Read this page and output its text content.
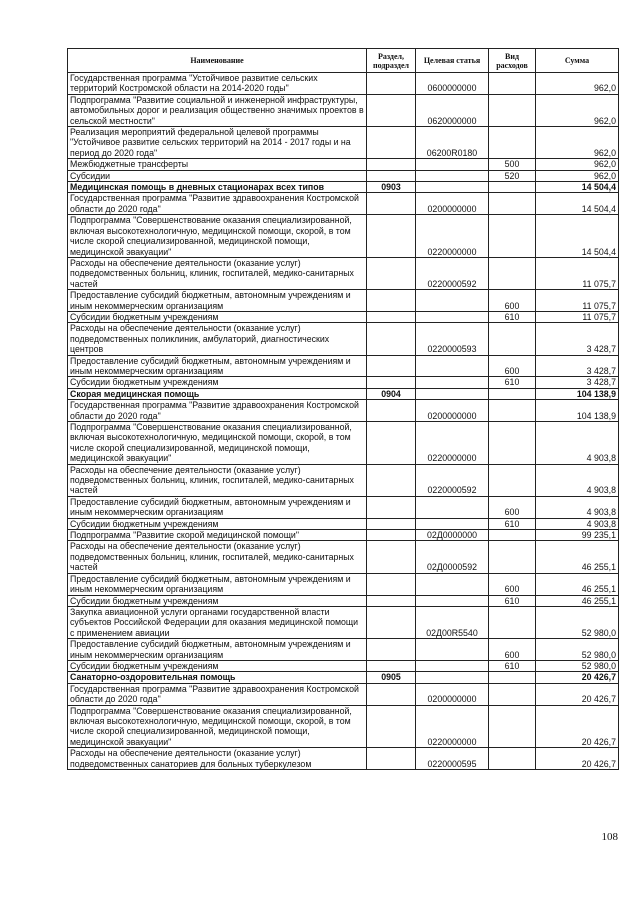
Наименование	Раздел, подраздел	Целевая статья	Вид расходов	Сумма
Государственная программа "Устойчивое развитие сельских территорий Костромской области на 2014-2020 годы"		0600000000		962,0
Подпрограмма "Развитие социальной и инженерной инфраструктуры, автомобильных дорог и реализация общественно значимых проектов в сельской местности"		0620000000		962,0
Реализация мероприятий федеральной целевой программы "Устойчивое развитие сельских территорий на 2014 - 2017 годы и на период до 2020 года"		06200R0180		962,0
Межбюджетные трансферты			500	962,0
Субсидии			520	962,0
Медицинская помощь в дневных стационарах всех типов	0903			14 504,4
Государственная программа "Развитие здравоохранения Костромской области до 2020 года"		0200000000		14 504,4
Подпрограмма "Совершенствование оказания специализированной, включая высокотехнологичную, медицинской помощи, скорой, в том числе скорой специализированной, медицинской помощи, медицинской эвакуации"		0220000000		14 504,4
Расходы на обеспечение деятельности (оказание услуг) подведомственных больниц, клиник, госпиталей, медико-санитарных частей		0220000592		11 075,7
Предоставление субсидий бюджетным, автономным учреждениям и иным некоммерческим организациям			600	11 075,7
Субсидии бюджетным учреждениям			610	11 075,7
Расходы на обеспечение деятельности (оказание услуг) подведомственных поликлиник, амбулаторий, диагностических центров		0220000593		3 428,7
Предоставление субсидий бюджетным, автономным учреждениям и иным некоммерческим организациям			600	3 428,7
Субсидии бюджетным учреждениям			610	3 428,7
Скорая медицинская помощь	0904			104 138,9
Государственная программа "Развитие здравоохранения Костромской области до 2020 года"		0200000000		104 138,9
Подпрограмма "Совершенствование оказания специализированной, включая высокотехнологичную, медицинской помощи, скорой, в том числе скорой специализированной, медицинской помощи, медицинской эвакуации"		0220000000		4 903,8
Расходы на обеспечение деятельности (оказание услуг) подведомственных больниц, клиник, госпиталей, медико-санитарных частей		0220000592		4 903,8
Предоставление субсидий бюджетным, автономным учреждениям и иным некоммерческим организациям			600	4 903,8
Субсидии бюджетным учреждениям			610	4 903,8
Подпрограмма "Развитие скорой медицинской помощи"		02Д0000000		99 235,1
Расходы на обеспечение деятельности (оказание услуг) подведомственных больниц, клиник, госпиталей, медико-санитарных частей		02Д0000592		46 255,1
Предоставление субсидий бюджетным, автономным учреждениям и иным некоммерческим организациям			600	46 255,1
Субсидии бюджетным учреждениям			610	46 255,1
Закупка авиационной услуги органами государственной власти субъектов Российской Федерации для оказания медицинской помощи с применением авиации		02Д00R5540		52 980,0
Предоставление субсидий бюджетным, автономным учреждениям и иным некоммерческим организациям			600	52 980,0
Субсидии бюджетным учреждениям			610	52 980,0
Санаторно-оздоровительная помощь	0905			20 426,7
Государственная программа "Развитие здравоохранения Костромской области до 2020 года"		0200000000		20 426,7
Подпрограмма "Совершенствование оказания специализированной, включая высокотехнологичную, медицинской помощи, скорой, в том числе скорой специализированной, медицинской помощи, медицинской эвакуации"		0220000000		20 426,7
Расходы на обеспечение деятельности (оказание услуг) подведомственных санаториев для больных туберкулезом		0220000595		20 426,7
108
